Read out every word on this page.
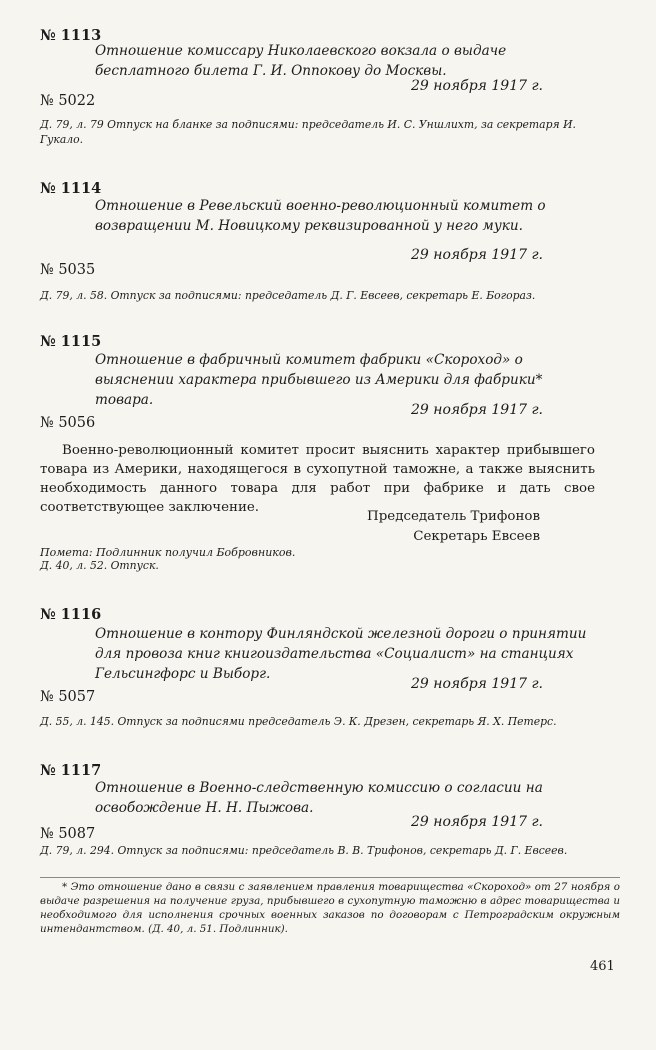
№ 1113
Отношение комиссару Николаевского вокзала о выдаче бесплатного билета Г. И. Оппокову до Москвы.
29 ноября 1917 г.
№ 5022
Д. 79, л. 79 Отпуск на бланке за подписями: председатель И. С. Уншлихт, за секретаря И. Гукало.
№ 1114
Отношение в Ревельский военно-революционный комитет о возвращении М. Новицкому реквизированной у него муки.
29 ноября 1917 г.
№ 5035
Д. 79, л. 58. Отпуск за подписями: председатель Д. Г. Евсеев, секретарь Е. Богораз.
№ 1115
Отношение в фабричный комитет фабрики «Скороход» о выяснении характера прибывшего из Америки для фабрики* товара.
29 ноября 1917 г.
№ 5056
Военно-революционный комитет просит выяснить характер прибывшего товара из Америки, находящегося в сухопутной таможне, а также выяснить необходимость данного товара для работ при фабрике и дать свое соответствующее заключение.
Председатель Трифонов
Секретарь Евсеев
Помета: Подлинник получил Бобровников.
Д. 40, л. 52. Отпуск.
№ 1116
Отношение в контору Финляндской железной дороги о принятии для провоза книг книгоиздательства «Социалист» на станциях Гельсингфорс и Выборг.
29 ноября 1917 г.
№ 5057
Д. 55, л. 145. Отпуск за подписями председатель Э. К. Дрезен, секретарь Я. Х. Петерс.
№ 1117
Отношение в Военно-следственную комиссию о согласии на освобождение Н. Н. Пыжова.
29 ноября 1917 г.
№ 5087
Д. 79, л. 294. Отпуск за подписями: председатель В. В. Трифонов, секретарь Д. Г. Евсеев.
* Это отношение дано в связи с заявлением правления товарищества «Скороход» от 27 ноября о выдаче разрешения на получение груза, прибывшего в сухопутную таможню в адрес товарищества и необходимого для исполнения срочных военных заказов по договорам с Петроградским окружным интендантством. (Д. 40, л. 51. Подлинник).
461
